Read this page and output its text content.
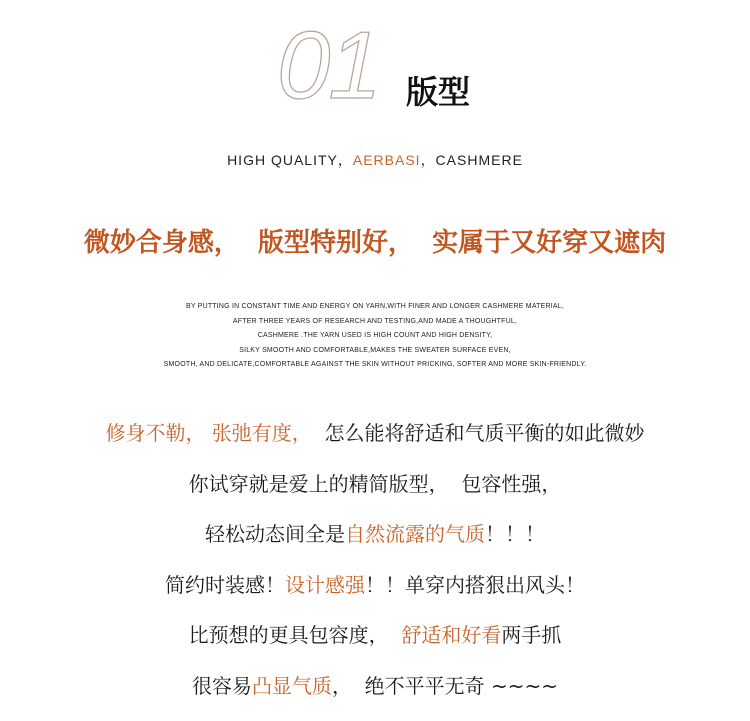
01 版型
HIGH QUALITY，AERBASI，CASHMERE
微妙合身感，  版型特别好，  实属于又好穿又遮肉
BY PUTTING IN CONSTANT TIME AND ENERGY ON YARN,WITH FINER AND LONGER CASHMERE MATERIAL,
AFTER THREE YEARS OF RESEARCH AND TESTING,AND MADE A THOUGHTFUL,
CASHMERE .THE YARN USED IS HIGH COUNT AND HIGH DENSITY,
SILKY SMOOTH AND COMFORTABLE,MAKES THE SWEATER SURFACE EVEN,
SMOOTH, AND DELICATE,COMFORTABLE AGAINST THE SKIN WITHOUT PRICKING, SOFTER AND MORE SKIN-FRIENDLY.
修身不勒， 张弛有度， 怎么能将舒适和气质平衡的如此微妙
你试穿就是爱上的精简版型，  包容性强，
轻松动态间全是自然流露的气质！！！
简约时装感！设计感强！！单穿内搭狠出风头！
比预想的更具包容度，  舒适和好看两手抓
很容易凸显气质，  绝不平平无奇 ~~~~
